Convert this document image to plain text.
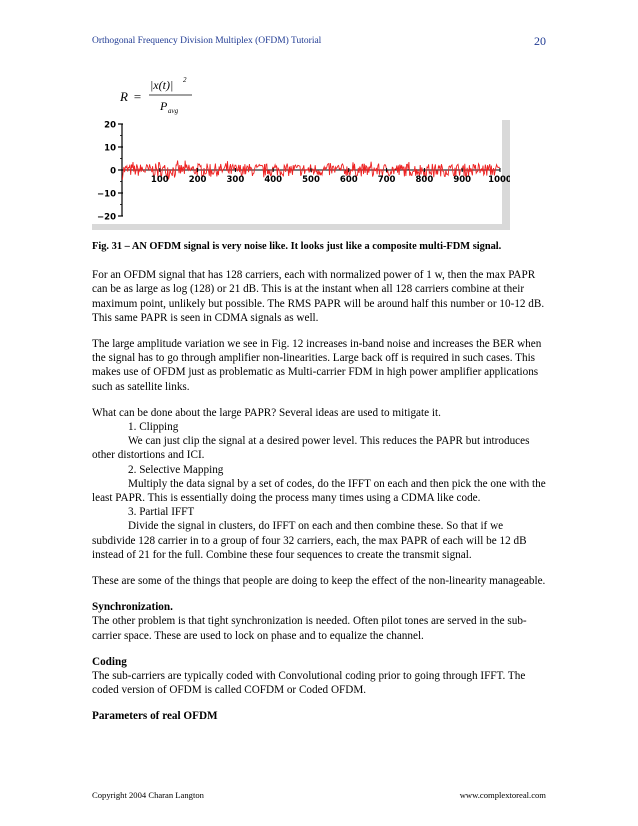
Orthogonal Frequency Division Multiplex (OFDM) Tutorial	20
R =
|x(t)| 2
P avg
20
10
0
−10
−20
100 200 300 400 500 600 700 800 900 1000

Fig. 31 – AN OFDM signal is very noise like. It looks just like a composite multi-FDM signal.

For an OFDM signal that has 128 carriers, each with normalized power of 1 w, then the max PAPR can be as large as log (128) or 21 dB. This is at the instant when all 128 carriers combine at their maximum point, unlikely but possible. The RMS PAPR will be around half this number or 10-12 dB. This same PAPR is seen in CDMA signals as well.

The large amplitude variation we see in Fig. 12 increases in-band noise and increases the BER when the signal has to go through amplifier non-linearities. Large back off is required in such cases. This makes use of OFDM just as problematic as Multi-carrier FDM in high power amplifier applications such as satellite links.

What can be done about the large PAPR? Several ideas are used to mitigate it.
1. Clipping
We can just clip the signal at a desired power level. This reduces the PAPR but introduces other distortions and ICI.
2. Selective Mapping
Multiply the data signal by a set of codes, do the IFFT on each and then pick the one with the least PAPR. This is essentially doing the process many times using a CDMA like code.
3. Partial IFFT
Divide the signal in clusters, do IFFT on each and then combine these. So that if we subdivide 128 carrier in to a group of four 32 carriers, each, the max PAPR of each will be 12 dB instead of 21 for the full. Combine these four sequences to create the transmit signal.

These are some of the things that people are doing to keep the effect of the non-linearity manageable.

Synchronization.
The other problem is that tight synchronization is needed. Often pilot tones are served in the sub-carrier space. These are used to lock on phase and to equalize the channel.
Coding
The sub-carriers are typically coded with Convolutional coding prior to going through IFFT. The coded version of OFDM is called COFDM or Coded OFDM.
Parameters of real OFDM
Copyright 2004 Charan Langton	www.complextoreal.com
